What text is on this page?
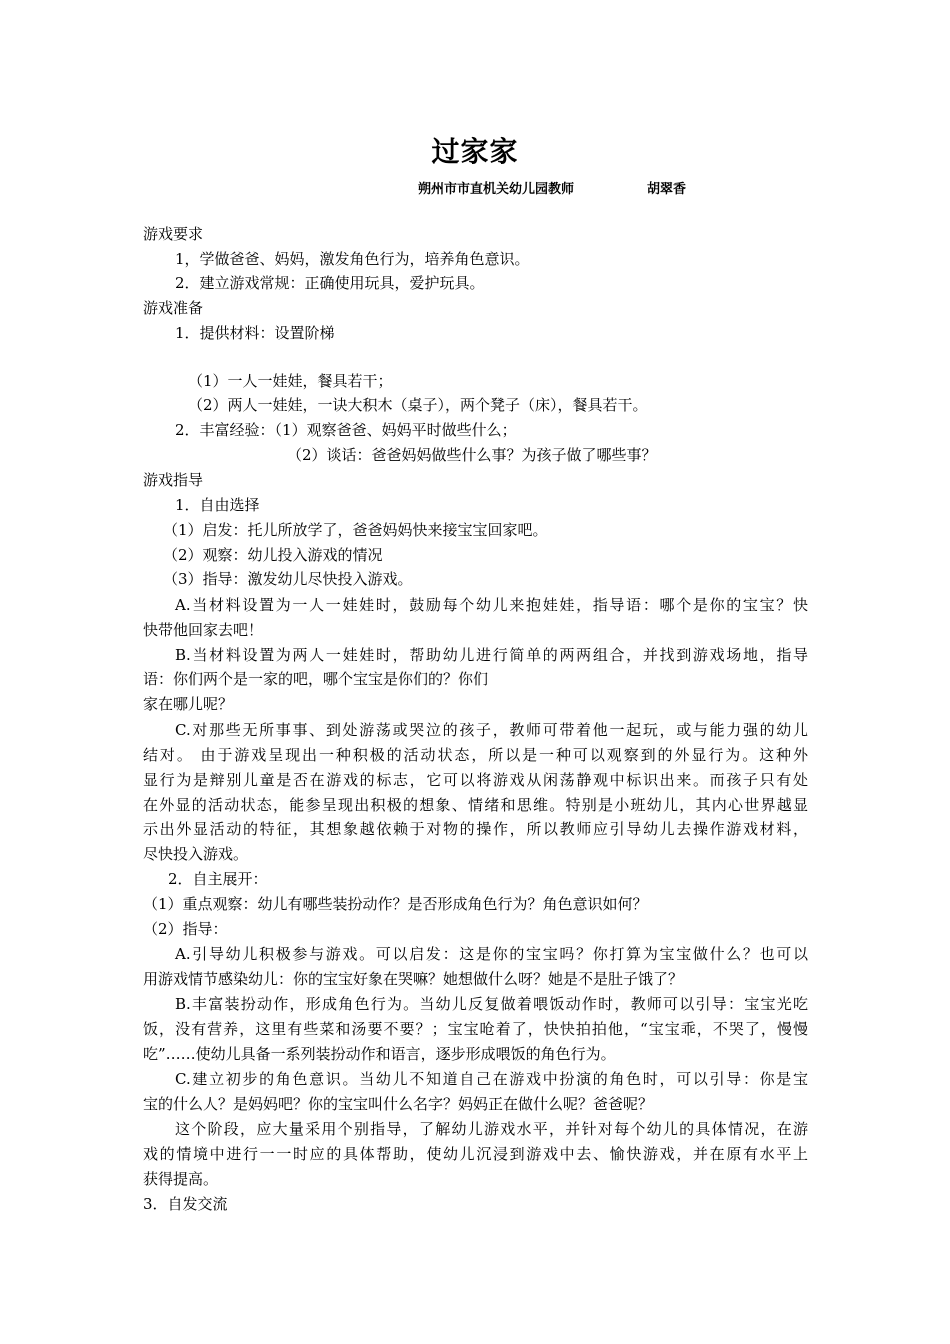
过家家
朔州市市直机关幼儿园教师	胡翠香
游戏要求
1，学做爸爸、妈妈，激发角色行为，培养角色意识。
2．建立游戏常规：正确使用玩具，爱护玩具。
游戏准备
1．提供材料：设置阶梯
（1）一人一娃娃，餐具若干；
（2）两人一娃娃，一诀大积木（桌子），两个凳子（床），餐具若干。
2．丰富经验：（1）观察爸爸、妈妈平时做些什么；
（2）谈话：爸爸妈妈做些什么事？为孩子做了哪些事？
游戏指导
1．自由选择
（1）启发：托儿所放学了，爸爸妈妈快来接宝宝回家吧。
（2）观察：幼儿投入游戏的情况
（3）指导：激发幼儿尽快投入游戏。
A.当材料设置为一人一娃娃时，鼓励每个幼儿来抱娃娃，指导语：哪个是你的宝宝？快
快带他回家去吧！
B.当材料设置为两人一娃娃时，帮助幼儿进行简单的两两组合，并找到游戏场地，指导
语：你们两个是一家的吧，哪个宝宝是你们的？你们
家在哪儿呢？
C.对那些无所事事、到处游荡或哭泣的孩子，教师可带着他一起玩，或与能力强的幼儿
结对。 由于游戏呈现出一种积极的活动状态，所以是一种可以观察到的外显行为。这种外
显行为是辩别儿童是否在游戏的标志，它可以将游戏从闲荡静观中标识出来。而孩子只有处
在外显的活动状态，能参呈现出积极的想象、情绪和思维。特别是小班幼儿，其内心世界越显
示出外显活动的特征，其想象越依赖于对物的操作，所以教师应引导幼儿去操作游戏材料，
尽快投入游戏。
2．自主展开：
（1）重点观察：幼儿有哪些装扮动作？是否形成角色行为？角色意识如何？
（2）指导：
A.引导幼儿积极参与游戏。可以启发：这是你的宝宝吗？你打算为宝宝做什么？也可以
用游戏情节感染幼儿：你的宝宝好象在哭嘛？她想做什么呀？她是不是肚子饿了？
B.丰富装扮动作，形成角色行为。当幼儿反复做着喂饭动作时，教师可以引导：宝宝光吃
饭，没有营养，这里有些菜和汤要不要？；宝宝呛着了，快快拍拍他，“宝宝乖，不哭了，慢慢
吃”……使幼儿具备一系列装扮动作和语言，逐步形成喂饭的角色行为。
C.建立初步的角色意识。当幼儿不知道自己在游戏中扮演的角色时，可以引导：你是宝
宝的什么人？是妈妈吧？你的宝宝叫什么名字？妈妈正在做什么呢？爸爸呢？
这个阶段，应大量采用个别指导，了解幼儿游戏水平，并针对每个幼儿的具体情况，在游
戏的情境中进行一一时应的具体帮助，使幼儿沉浸到游戏中去、愉快游戏，并在原有水平上
获得提高。
3．自发交流
